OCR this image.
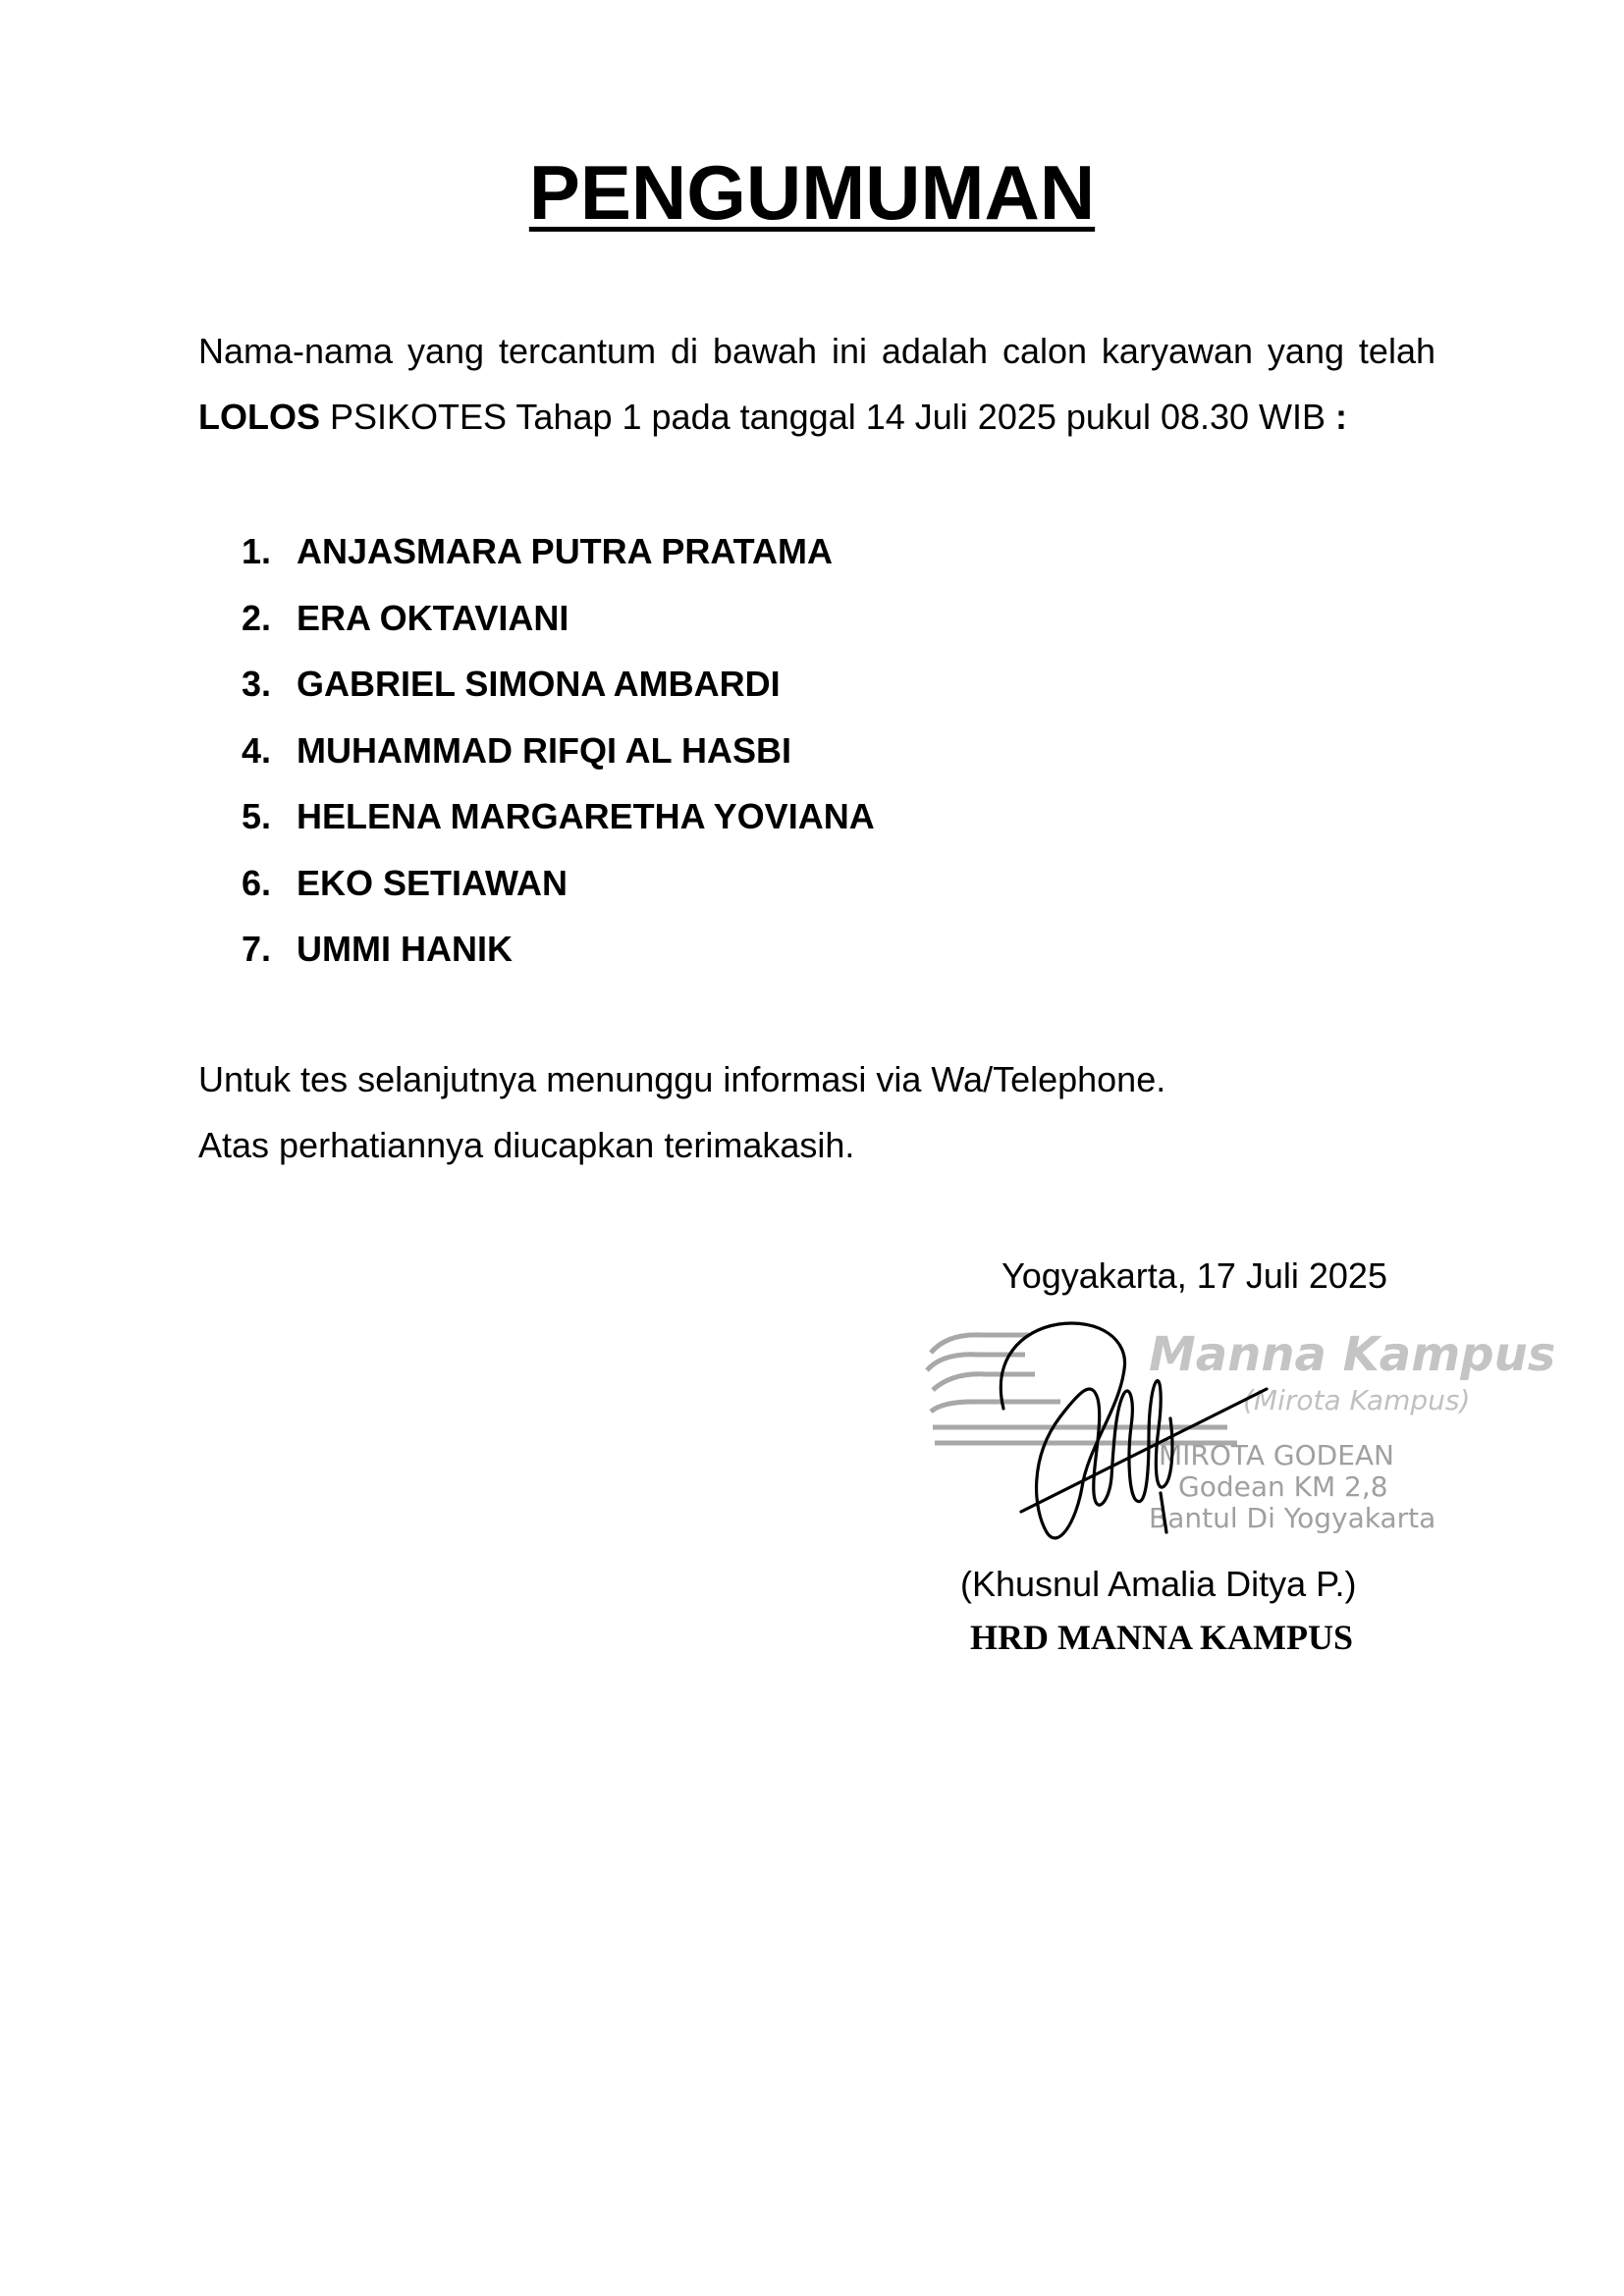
PENGUMUMAN

Nama-nama yang tercantum di bawah ini adalah calon karyawan yang telah LOLOS PSIKOTES Tahap 1 pada tanggal 14 Juli 2025 pukul 08.30 WIB :

1. ANJASMARA PUTRA PRATAMA
2. ERA OKTAVIANI
3. GABRIEL SIMONA AMBARDI
4. MUHAMMAD RIFQI AL HASBI
5. HELENA MARGARETHA YOVIANA
6. EKO SETIAWAN
7. UMMI HANIK
Untuk tes selanjutnya menunggu informasi via Wa/Telephone.
Atas perhatiannya diucapkan terimakasih.
Yogyakarta, 17 Juli 2025
Manna Kampus
(Mirota Kampus)
MIROTA GODEAN
Godean KM 2,8
Bantul Di Yogyakarta
(Khusnul Amalia Ditya P.)
HRD MANNA KAMPUS
